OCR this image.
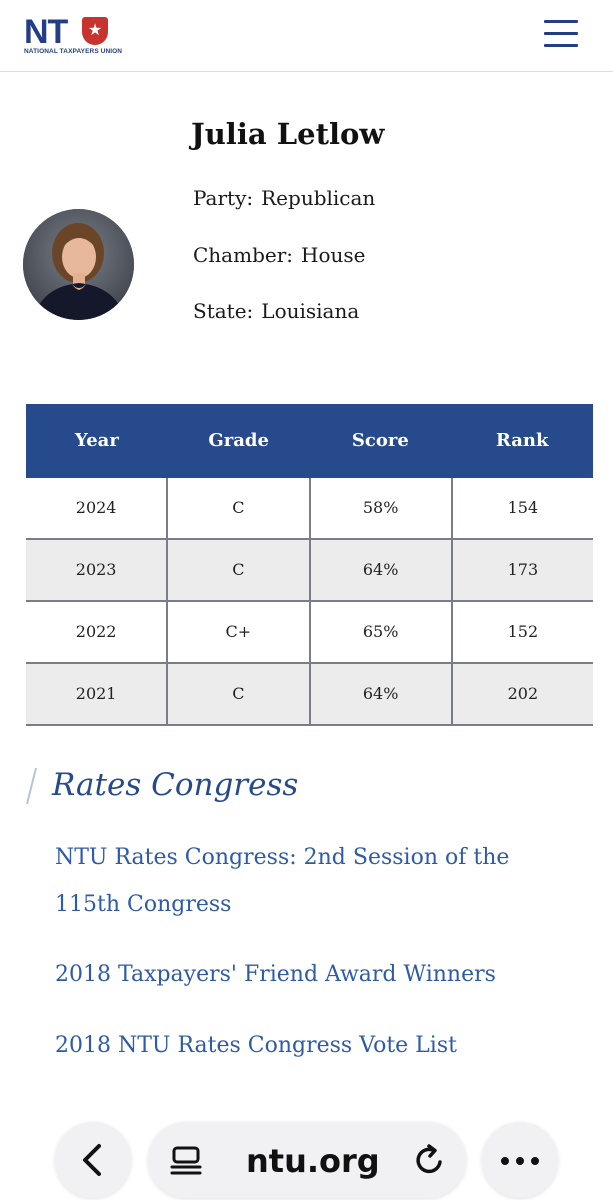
NT	★
NATIONAL TAXPAYERS UNION
Julia Letlow
Party: Republican
Chamber: House
State: Louisiana
Year	Grade	Score	Rank
2024	C	58%	154
2023	C	64%	173
2022	C+	65%	152
2021	C	64%	202
Rates Congress
NTU Rates Congress: 2nd Session of the 115th Congress
2018 Taxpayers' Friend Award Winners
2018 NTU Rates Congress Vote List
ntu.org
